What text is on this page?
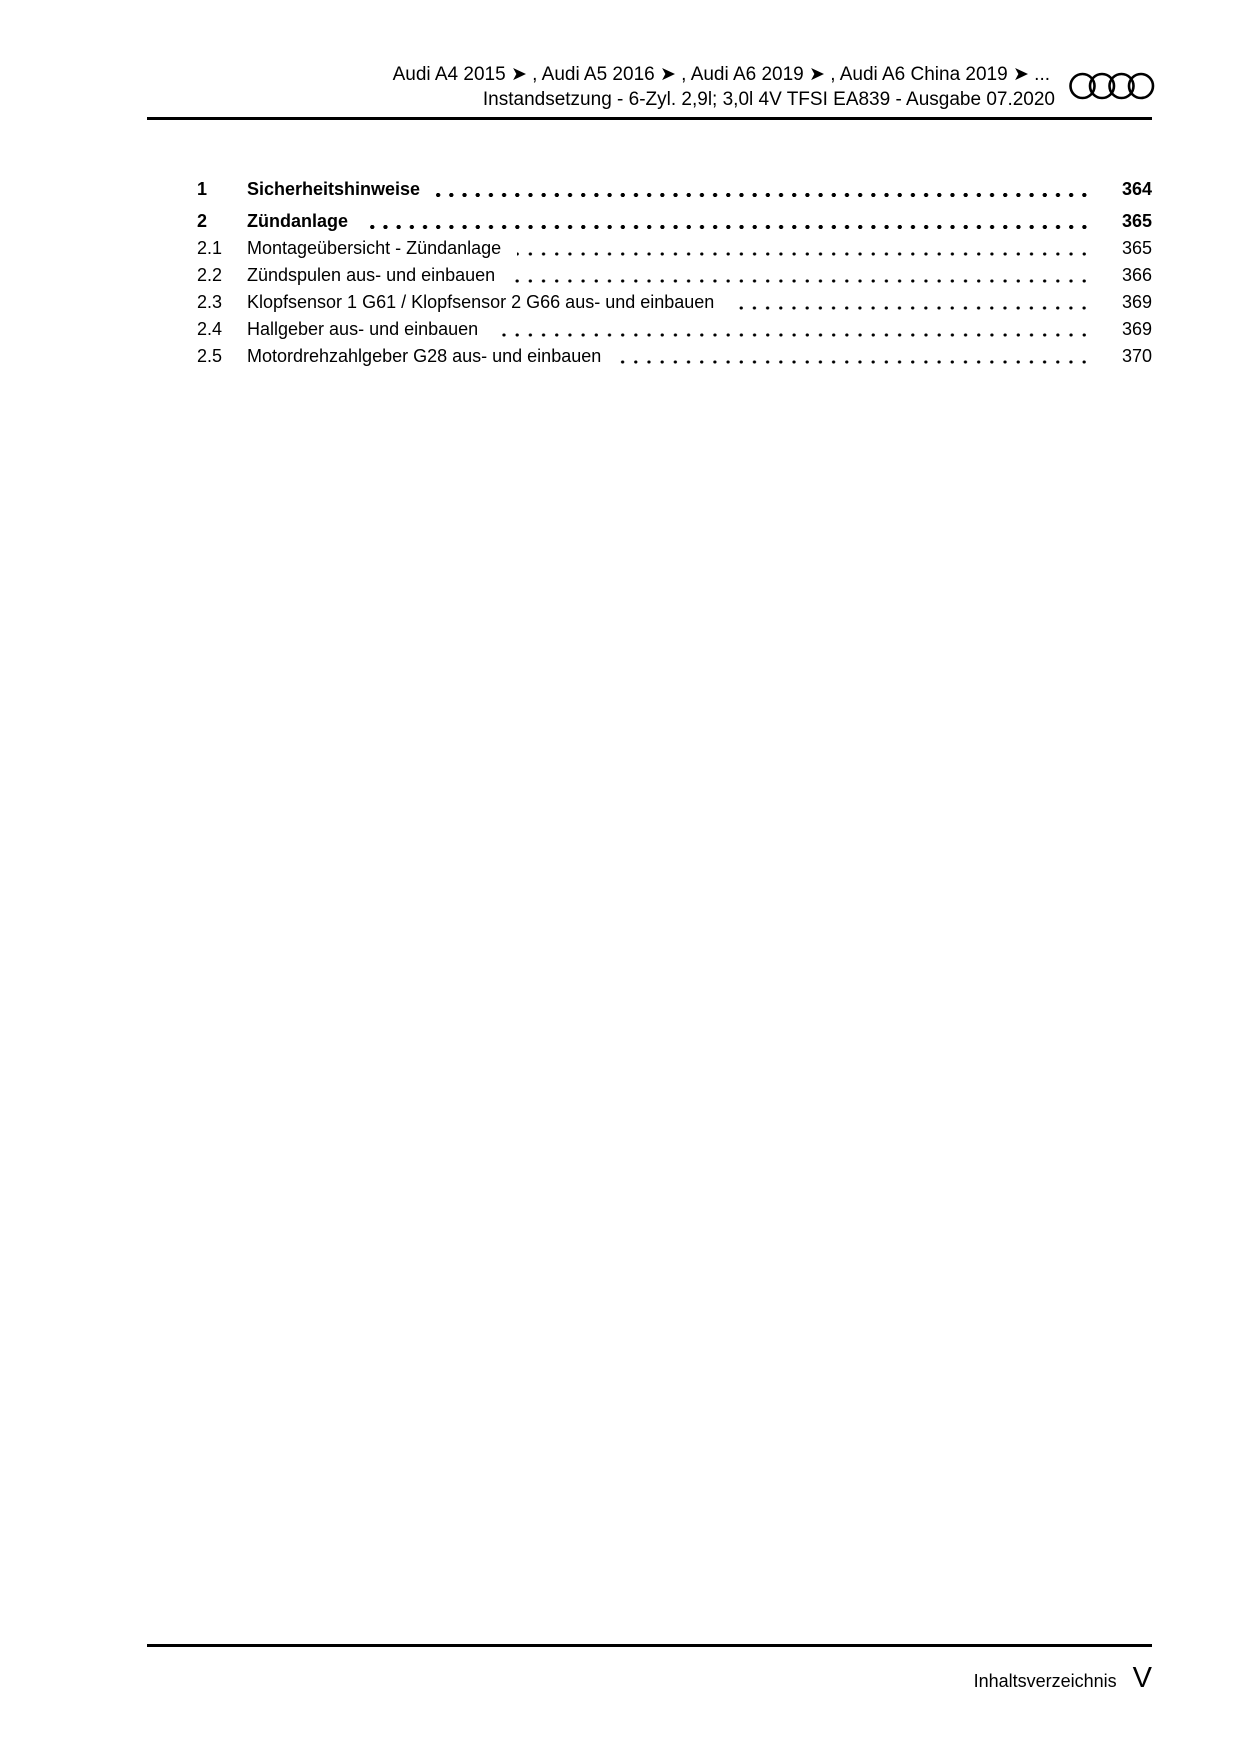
Audi A4 2015 ➤ , Audi A5 2016 ➤ , Audi A6 2019 ➤ , Audi A6 China 2019 ➤ ...
Instandsetzung - 6-Zyl. 2,9l; 3,0l 4V TFSI EA839 - Ausgabe 07.2020
1	Sicherheitshinweise	364
2	Zündanlage	365
2.1	Montageübersicht - Zündanlage	365
2.2	Zündspulen aus- und einbauen	366
2.3	Klopfsensor 1 G61 / Klopfsensor 2 G66 aus- und einbauen	369
2.4	Hallgeber aus- und einbauen	369
2.5	Motordrehzahlgeber G28 aus- und einbauen	370
Inhaltsverzeichnis V
